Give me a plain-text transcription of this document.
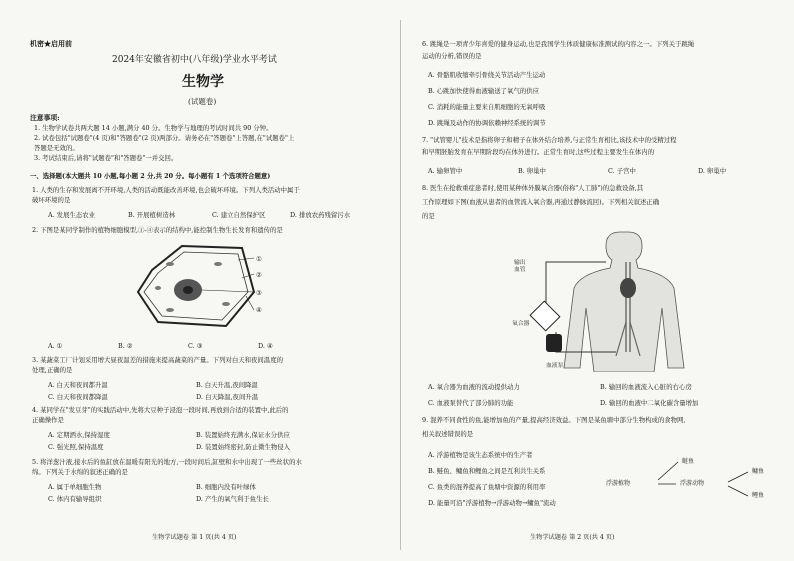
机密★启用前
2024年安徽省初中(八年级)学业水平考试
生物学
(试题卷)
注意事项:
1. 生物学试卷共两大题 14 小题,满分 40 分。生物学与地理的考试时间共 90 分钟。
2. 试卷包括"试题卷"(4 页)和"答题卷"(2 页)两部分。请务必在"答题卷"上答题,在"试题卷"上
答题是无效的。
3. 考试结束后,请将"试题卷"和"答题卷"一并交回。
一、选择题(本大题共 10 小题,每小题 2 分,共 20 分。每小题有 1 个选项符合题意)
1. 人类的生存和发展离不开环境,人类的活动既能改善环境,也会破坏环境。下列人类活动中属于
破坏环境的是
A. 发展生态农业	B. 开展植树造林	C. 建立自然保护区	D. 排放农药残留污水
2. 下图是某同学制作的植物细胞模型,①-④表示的结构中,能控制生物生长发育和遗传的是
①
②
③
④
A. ①	B. ②	C. ③	D. ④
3. 某蔬菜工厂计划采用增大昼夜温差的措施来提高蔬菜的产量。下列对白天和夜间温度的
处理,正确的是
A. 白天和夜间都升温	B. 白天升温,夜间降温
C. 白天和夜间都降温	D. 白天降温,夜间升温
4. 某同学在"发豆芽"的实践活动中,先将大豆种子浸泡一段时间,再放到合适的装置中,此后的
正确操作是
A. 定期洒水,保持湿度	B. 装置始终充满水,保证水分供应
C. 强光照,保持温度	D. 装置始终密封,防止微生物侵入
5. 将洋葱汁液,接水后的鱼缸放在温暖有阳光的地方,一段时间后,缸壁和水中出现了一些丝状的水
绵。下列关于水绵的叙述正确的是
A. 属于单细胞生物	B. 细胞内没有叶绿体
C. 体内有输导组织	D. 产生的氧气利于鱼生长
生物学试题卷 第 1 页(共 4 页)
6. 跳绳是一项青少年喜爱的健身运动,也是我国学生体质健康标准测试的内容之一。下列关于跳绳
运动的分析,错误的是
A. 骨骼肌收缩牵引骨绕关节活动产生运动
B. 心跳加快使得血液输送了氧气的供应
C. 消耗的能量主要来自肌细胞的无氧呼吸
D. 跳绳及动作的协调依赖神经系统的调节
7. "试管婴儿"技术是指将卵子和精子在体外结合培养,与正常生育相比,该技术中的受精过程
和早期胚胎发育在早期阶段均在体外进行。正常生育时,这些过程主要发生在体内的
A. 输卵管中	B. 卵巢中	C. 子宫中	D. 卵巢中
8. 医生在抢救重症患者时,使用某种体外膜氧合器(俗称"人工肺")的急救设备,其
工作原理如下图(血液从患者的血管流入氧合器,再通过静脉流回)。下列相关叙述正确
的是
输出
血管
氧合器
血液泵
A. 氧合器为血液的流动提供动力	B. 输回的血液流入心脏的右心房
C. 血液泵替代了部分肺的功能	D. 输回的血液中二氧化碳含量增加
9. 混养不同食性的鱼,能增加鱼的产量,提高经济效益。下图是某鱼塘中部分生物构成的食物网,
相关叙述错误的是
A. 浮游植物是该生态系统中的生产者
B. 鲢鱼、鳙鱼和鲤鱼之间是互利共生关系
C. 鱼类的混养提高了鱼塘中资源的利用率
D. 能量可沿"浮游植物→浮游动物→鳙鱼"流动
浮游植物	浮游动物
鲢鱼
鳙鱼
鲤鱼
生物学试题卷 第 2 页(共 4 页)
